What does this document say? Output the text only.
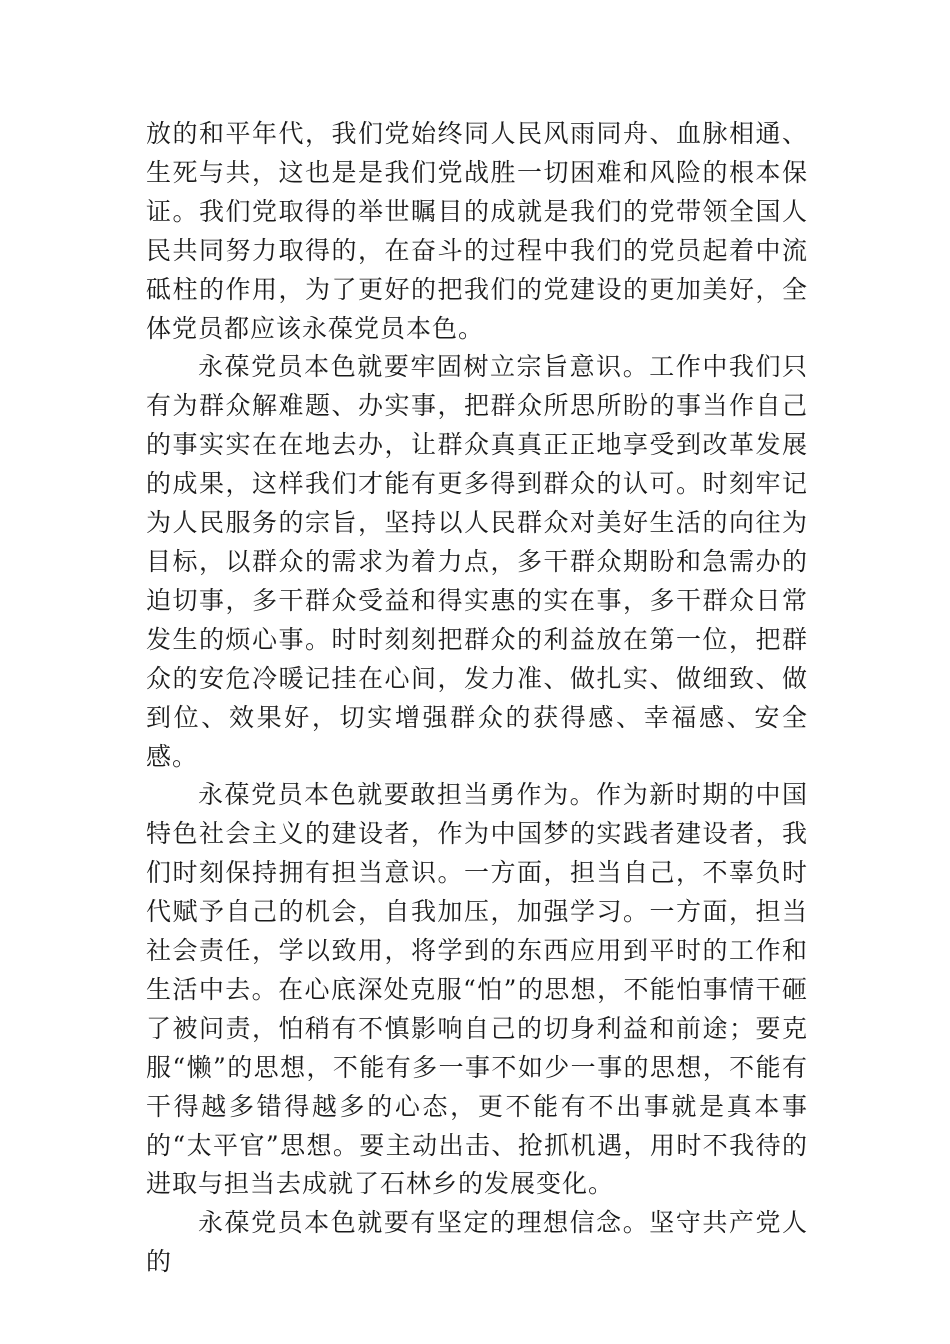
放的和平年代，我们党始终同人民风雨同舟、血脉相通、生死与共，这也是是我们党战胜一切困难和风险的根本保证。我们党取得的举世瞩目的成就是我们的党带领全国人民共同努力取得的，在奋斗的过程中我们的党员起着中流砥柱的作用，为了更好的把我们的党建设的更加美好，全体党员都应该永葆党员本色。

永葆党员本色就要牢固树立宗旨意识。工作中我们只有为群众解难题、办实事，把群众所思所盼的事当作自己的事实实在在地去办，让群众真真正正地享受到改革发展的成果，这样我们才能有更多得到群众的认可。时刻牢记为人民服务的宗旨，坚持以人民群众对美好生活的向往为目标，以群众的需求为着力点，多干群众期盼和急需办的迫切事，多干群众受益和得实惠的实在事，多干群众日常发生的烦心事。时时刻刻把群众的利益放在第一位，把群众的安危冷暖记挂在心间，发力准、做扎实、做细致、做到位、效果好，切实增强群众的获得感、幸福感、安全感。

永葆党员本色就要敢担当勇作为。作为新时期的中国特色社会主义的建设者，作为中国梦的实践者建设者，我们时刻保持拥有担当意识。一方面，担当自己，不辜负时代赋予自己的机会，自我加压，加强学习。一方面，担当社会责任，学以致用，将学到的东西应用到平时的工作和生活中去。在心底深处克服“怕”的思想，不能怕事情干砸了被问责，怕稍有不慎影响自己的切身利益和前途；要克服“懒”的思想，不能有多一事不如少一事的思想，不能有干得越多错得越多的心态，更不能有不出事就是真本事的“太平官”思想。要主动出击、抢抓机遇，用时不我待的进取与担当去成就了石林乡的发展变化。

永葆党员本色就要有坚定的理想信念。坚守共产党人的
